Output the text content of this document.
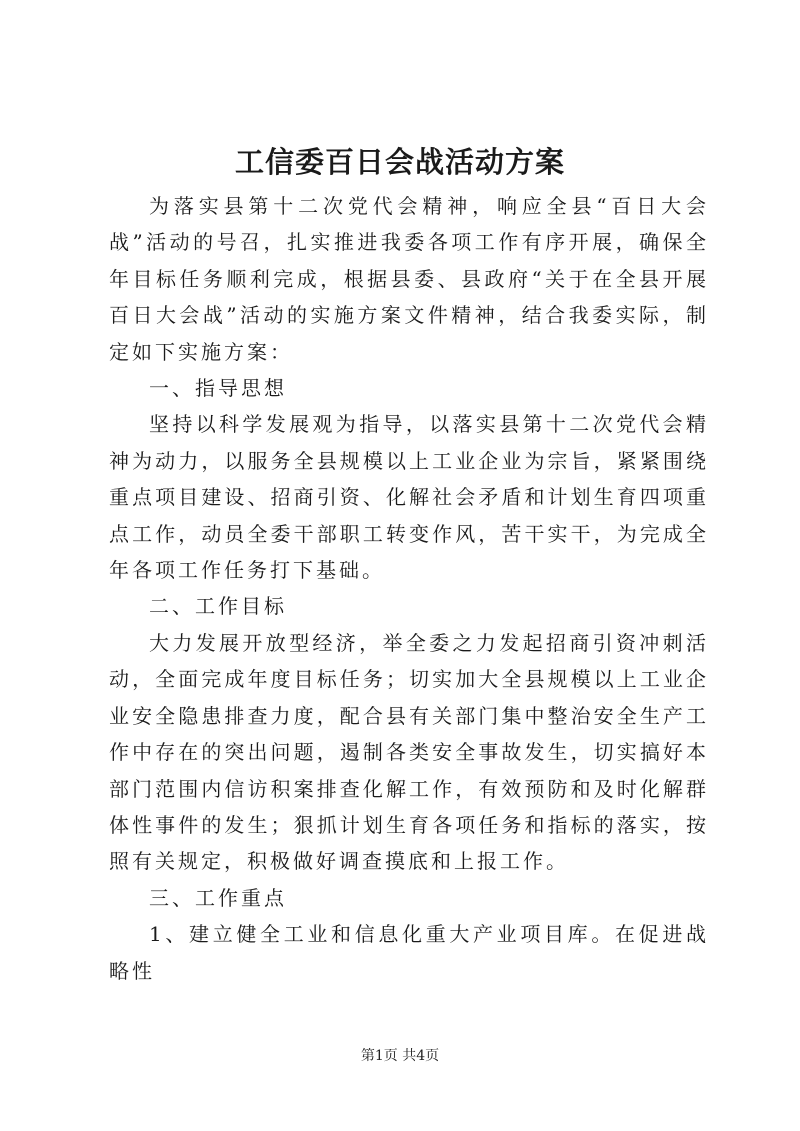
工信委百日会战活动方案

为落实县第十二次党代会精神，响应全县“百日大会战”活动的号召，扎实推进我委各项工作有序开展，确保全年目标任务顺利完成，根据县委、县政府“关于在全县开展百日大会战”活动的实施方案文件精神，结合我委实际，制定如下实施方案：

一、指导思想

坚持以科学发展观为指导，以落实县第十二次党代会精神为动力，以服务全县规模以上工业企业为宗旨，紧紧围绕重点项目建设、招商引资、化解社会矛盾和计划生育四项重点工作，动员全委干部职工转变作风，苦干实干，为完成全年各项工作任务打下基础。

二、工作目标

大力发展开放型经济，举全委之力发起招商引资冲刺活动，全面完成年度目标任务；切实加大全县规模以上工业企业安全隐患排查力度，配合县有关部门集中整治安全生产工作中存在的突出问题，遏制各类安全事故发生，切实搞好本部门范围内信访积案排查化解工作，有效预防和及时化解群体性事件的发生；狠抓计划生育各项任务和指标的落实，按照有关规定，积极做好调查摸底和上报工作。

三、工作重点

1、建立健全工业和信息化重大产业项目库。在促进战略性

第1页 共4页
